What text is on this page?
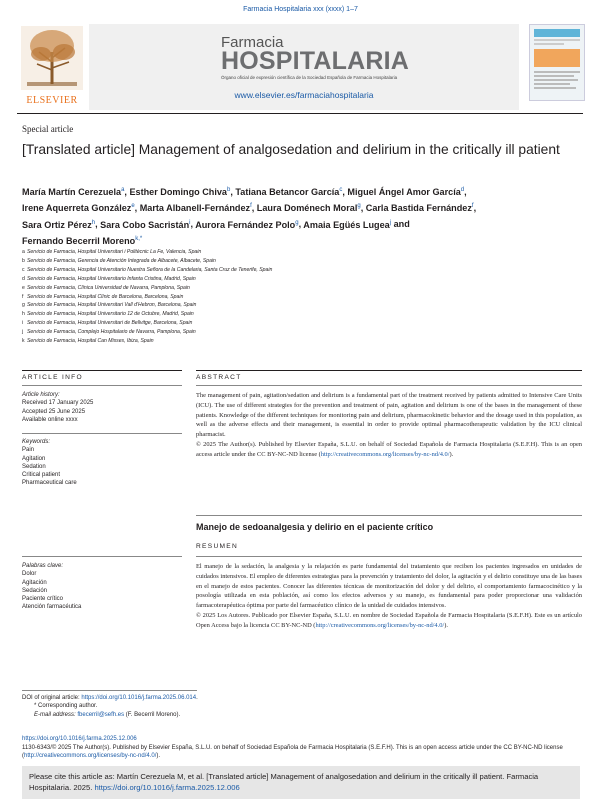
Farmacia Hospitalaria xxx (xxxx) 1–7
ELSEVIER
Farmacia
HOSPITALARIA
Órgano oficial de expresión científica de la Sociedad Española de Farmacia Hospitalaria
www.elsevier.es/farmaciahospitalaria
Special article
[Translated article] Management of analgosedation and delirium in the critically ill patient
María Martín Cerezuela$^a$, Esther Domingo Chiva$^b$, Tatiana Betancor García$^c$, Miguel Ángel Amor García$^d$,
Irene Aquerreta González$^e$, Marta Albanell-Fernández$^f$, Laura Doménech Moral$^g$, Carla Bastida Fernández$^f$,
Sara Ortiz Pérez$^h$, Sara Cobo Sacristán$^i$, Aurora Fernández Polo$^g$, Amaia Egüés Lugea$^j$ and
Fernando Becerril Moreno$^{k,*}$
a Servicio de Farmacia, Hospital Universitari i Politècnic La Fe, Valencia, Spain
b Servicio de Farmacia, Gerencia de Atención Integrada de Albacete, Albacete, Spain
c Servicio de Farmacia, Hospital Universitario Nuestra Señora de la Candelaria, Santa Cruz de Tenerife, Spain
d Servicio de Farmacia, Hospital Universitario Infanta Cristina, Madrid, Spain
e Servicio de Farmacia, Clínica Universidad de Navarra, Pamplona, Spain
f Servicio de Farmacia, Hospital Clínic de Barcelona, Barcelona, Spain
g Servicio de Farmacia, Hospital Universitari Vall d’Hebron, Barcelona, Spain
h Servicio de Farmacia, Hospital Universitario 12 de Octubre, Madrid, Spain
i Servicio de Farmacia, Hospital Universitari de Bellvitge, Barcelona, Spain
j Servicio de Farmacia, Complejo Hospitalario de Navarra, Pamplona, Spain
k Servicio de Farmacia, Hospital Can Misses, Ibiza, Spain
ARTICLE INFO
Article history:
Received 17 January 2025
Accepted 25 June 2025
Available online xxxx
Keywords:
Pain
Agitation
Sedation
Critical patient
Pharmaceutical care
ABSTRACT
The management of pain, agitation/sedation and delirium is a fundamental part of the treatment received by patients admitted to Intensive Care Units (ICU). The use of different strategies for the prevention and treatment of pain, agitation and delirium is one of the bases in the management of these patients. Knowledge of the different techniques for monitoring pain and delirium, pharmacokinetic behavior and the dosage used in this population, as well as the adverse effects and their management, is essential in order to provide optimal pharmacotherapeutic validation by the ICU clinical pharmacist.
© 2025 The Author(s). Published by Elsevier España, S.L.U. on behalf of Sociedad Española de Farmacia Hospitalaria (S.E.F.H). This is an open access article under the CC BY-NC-ND license (http://creativecommons.org/licenses/by-nc-nd/4.0/).
Manejo de sedoanalgesia y delirio en el paciente crítico
RESUMEN
Palabras clave:
Dolor
Agitación
Sedación
Paciente crítico
Atención farmacéutica
El manejo de la sedación, la analgesia y la relajación es parte fundamental del tratamiento que reciben los pacientes ingresados en unidades de cuidados intensivos. El empleo de diferentes estrategias para la prevención y tratamiento del dolor, la agitación y el delirio constituye una de las bases en el manejo de estos pacientes. Conocer las diferentes técnicas de monitorización del dolor y del delirio, el comportamiento farmacocinético y la posología utilizada en esta población, así como los efectos adversos y su manejo, es fundamental para poder proporcionar una validación farmacoterapéutica óptima por parte del farmacéutico clínico de la unidad de cuidados intensivos.
© 2025 Los Autores. Publicado por Elsevier España, S.L.U. en nombre de Sociedad Española de Farmacia Hospitalaria (S.E.F.H). Este es un artículo Open Access bajo la licencia CC BY-NC-ND (http://creativecommons.org/licenses/by-nc-nd/4.0/).
DOI of original article: https://doi.org/10.1016/j.farma.2025.06.014.
* Corresponding author.
E-mail address: fbecerril@sefh.es (F. Becerril Moreno).
https://doi.org/10.1016/j.farma.2025.12.006
1130-6343/© 2025 The Author(s). Published by Elsevier España, S.L.U. on behalf of Sociedad Española de Farmacia Hospitalaria (S.E.F.H). This is an open access article under the CC BY-NC-ND license (http://creativecommons.org/licenses/by-nc-nd/4.0/).
Please cite this article as: Martín Cerezuela M, et al. [Translated article] Management of analgosedation and delirium in the critically ill patient. Farmacia Hospitalaria. 2025. https://doi.org/10.1016/j.farma.2025.12.006
